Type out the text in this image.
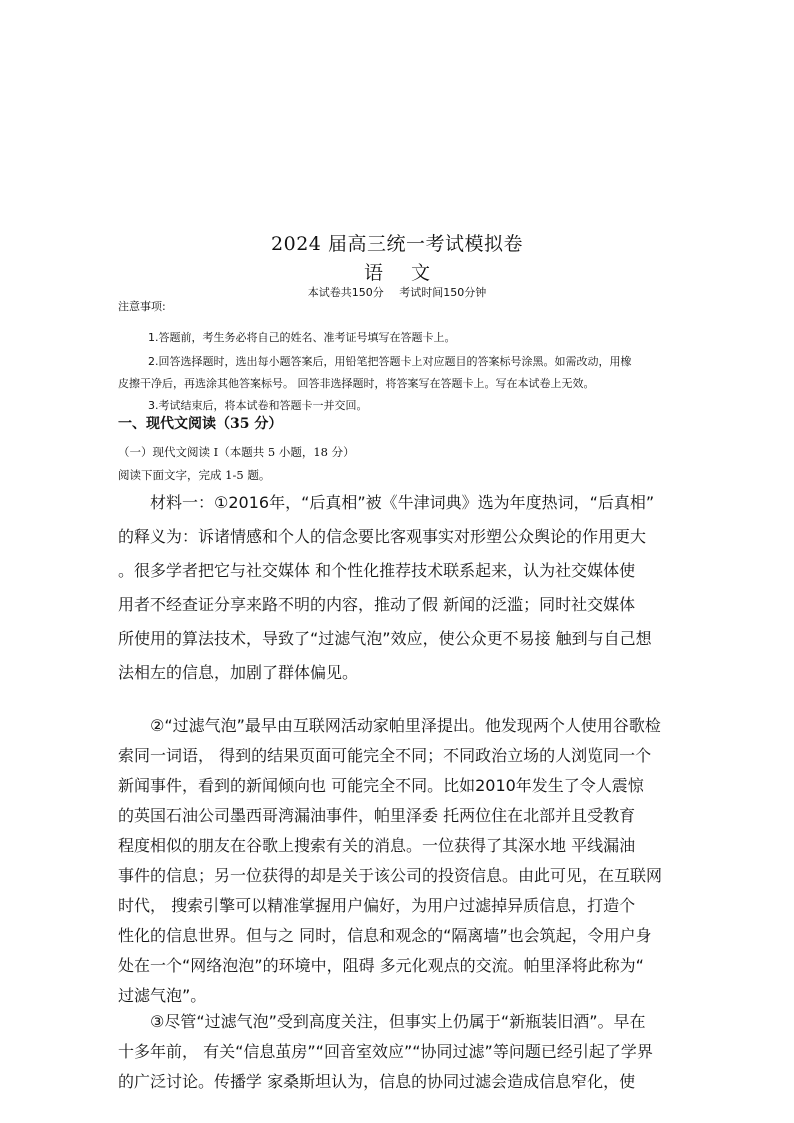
2024 届高三统一考试模拟卷
语文
本试卷共150分 考试时间150分钟
注意事项:
1.答题前，考生务必将自己的姓名、准考证号填写在答题卡上。
2.回答选择题时，选出每小题答案后，用铅笔把答题卡上对应题目的答案标号涂黑。如需改动，用橡
皮擦干净后，再选涂其他答案标号。 回答非选择题时，将答案写在答题卡上。写在本试卷上无效。
3.考试结束后，将本试卷和答题卡一并交回。
一、现代文阅读（35 分）
（一）现代文阅读 I（本题共 5 小题，18 分）
阅读下面文字，完成 1-5 题。
材料一：①2016年，“后真相”被《牛津词典》选为年度热词，“后真相”
的释义为：诉诸情感和个人的信念要比客观事实对形塑公众舆论的作用更大
。很多学者把它与社交媒体 和个性化推荐技术联系起来，认为社交媒体使
用者不经查证分享来路不明的内容，推动了假 新闻的泛滥；同时社交媒体
所使用的算法技术，导致了“过滤气泡”效应，使公众更不易接 触到与自己想
法相左的信息，加剧了群体偏见。
②“过滤气泡”最早由互联网活动家帕里泽提出。他发现两个人使用谷歌检
索同一词语， 得到的结果页面可能完全不同；不同政治立场的人浏览同一个
新闻事件，看到的新闻倾向也 可能完全不同。比如2010年发生了令人震惊
的英国石油公司墨西哥湾漏油事件，帕里泽委 托两位住在北部并且受教育
程度相似的朋友在谷歌上搜索有关的消息。一位获得了其深水地 平线漏油
事件的信息；另一位获得的却是关于该公司的投资信息。由此可见，在互联网
时代， 搜索引擎可以精准掌握用户偏好，为用户过滤掉异质信息，打造个
性化的信息世界。但与之 同时，信息和观念的“隔离墙”也会筑起，令用户身
处在一个“网络泡泡”的环境中，阻碍 多元化观点的交流。帕里泽将此称为“
过滤气泡”。
③尽管“过滤气泡”受到高度关注，但事实上仍属于“新瓶装旧酒”。早在
十多年前， 有关“信息茧房”“回音室效应”“协同过滤”等问题已经引起了学界
的广泛讨论。传播学 家桑斯坦认为，信息的协同过滤会造成信息窄化，使
